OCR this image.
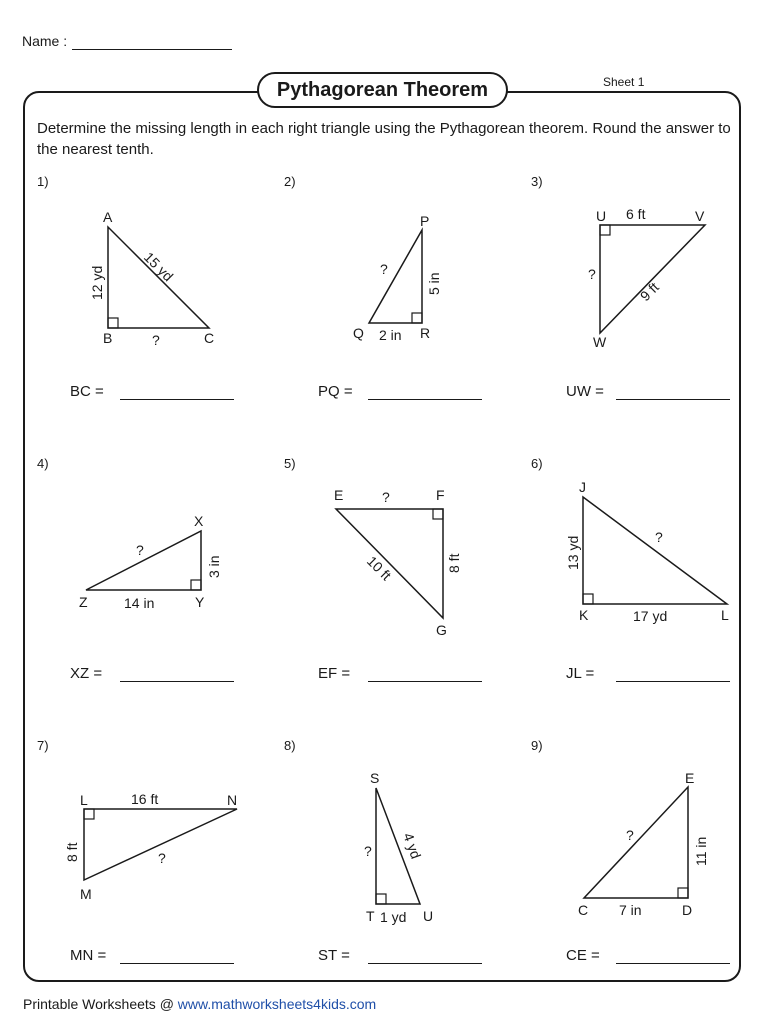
Name :
Pythagorean Theorem	Sheet 1
Determine the missing length in each right triangle using the Pythagorean theorem. Round the answer to the nearest tenth.
1)	2)	3)
4)	5)	6)
7)	8)	9)
BC =	PQ =	UW =
XZ =	EF =	JL =
MN =	ST =	CE =
A
B	C
12 yd	15 yd
?
P
Q	R
?
5 in
2 in
U	V
W
6 ft
?
9 ft
X
Z	Y
?
3 in
14 in
E	F
G
?
10 ft	8 ft
J
K	L
13 yd	?
17 yd
L	N
M
16 ft
8 ft	?
S
T	U
? 4 yd
1 yd
E
C	D
?
11 in
7 in
Printable Worksheets @ www.mathworksheets4kids.com
